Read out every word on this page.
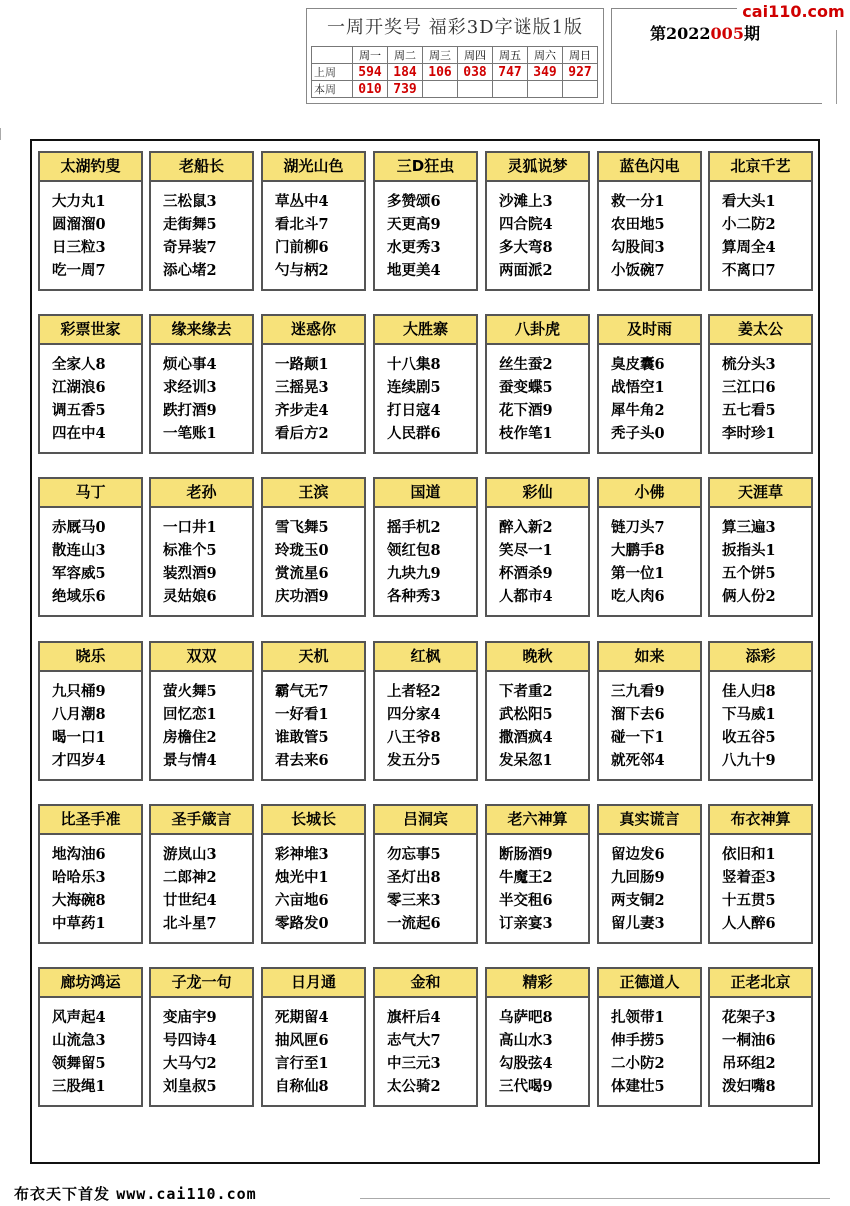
一周开奖号 福彩3D字谜版1版
	周一	周二	周三	周四	周五	周六	周日
上周	594	184	106	038	747	349	927
本周	010	739					
第2022005期
cai110.com
太湖钓叟
大力丸1
圆溜溜0
日三粒3
吃一周7
老船长
三松鼠3
走街舞5
奇异装7
添心堵2
湖光山色
草丛中4
看北斗7
门前柳6
勺与柄2
三D狂虫
多赞颂6
天更高9
水更秀3
地更美4
灵狐说梦
沙滩上3
四合院4
多大弯8
两面派2
蓝色闪电
救一分1
农田地5
勾股间3
小饭碗7
北京千艺
看大头1
小二防2
算周全4
不离口7
彩票世家
全家人8
江湖浪6
调五香5
四在中4
缘来缘去
烦心事4
求经训3
跌打酒9
一笔账1
迷惑你
一路颠1
三摇晃3
齐步走4
看后方2
大胜寨
十八集8
连续剧5
打日寇4
人民群6
八卦虎
丝生蚕2
蚕变蝶5
花下酒9
枝作笔1
及时雨
臭皮囊6
战悟空1
犀牛角2
秃子头0
姜太公
梳分头3
三江口6
五七看5
李时珍1
马丁
赤厩马0
散连山3
军容威5
绝域乐6
老孙
一口井1
标准个5
装烈酒9
灵姑娘6
王滨
雪飞舞5
玲珑玉0
赏流星6
庆功酒9
国道
摇手机2
领红包8
九块九9
各种秀3
彩仙
醉入新2
笑尽一1
杯酒杀9
人都市4
小佛
链刀头7
大鹏手8
第一位1
吃人肉6
天涯草
算三遍3
扳指头1
五个饼5
俩人份2
晓乐
九只桶9
八月潮8
喝一口1
才四岁4
双双
萤火舞5
回忆恋1
房檐住2
景与情4
天机
霸气无7
一好看1
谁敢管5
君去来6
红枫
上者轻2
四分家4
八王爷8
发五分5
晚秋
下者重2
武松阳5
撒酒疯4
发呆忽1
如来
三九看9
溜下去6
碰一下1
就死邻4
添彩
佳人归8
下马威1
收五谷5
八九十9
比圣手准
地沟油6
哈哈乐3
大海碗8
中草药1
圣手箴言
游岚山3
二郎神2
廿世纪4
北斗星7
长城长
彩神堆3
烛光中1
六亩地6
零路发0
吕洞宾
勿忘事5
圣灯出8
零三来3
一流起6
老六神算
断肠酒9
牛魔王2
半交租6
订亲宴3
真实谎言
留边发6
九回肠9
两支铜2
留儿妻3
布衣神算
依旧和1
竖着歪3
十五贯5
人人醉6
廊坊鸿运
风声起4
山流急3
领舞留5
三股绳1
子龙一句
变庙宇9
号四诗4
大马勺2
刘皇叔5
日月通
死期留4
抽风匣6
言行至1
自称仙8
金和
旗杆后4
志气大7
中三元3
太公骑2
精彩
乌萨吧8
高山水3
勾股弦4
三代喝9
正德道人
扎领带1
伸手捞5
二小防2
体建壮5
正老北京
花架子3
一桐油6
吊环组2
泼妇嘴8
布衣天下首发 www.cai110.com
